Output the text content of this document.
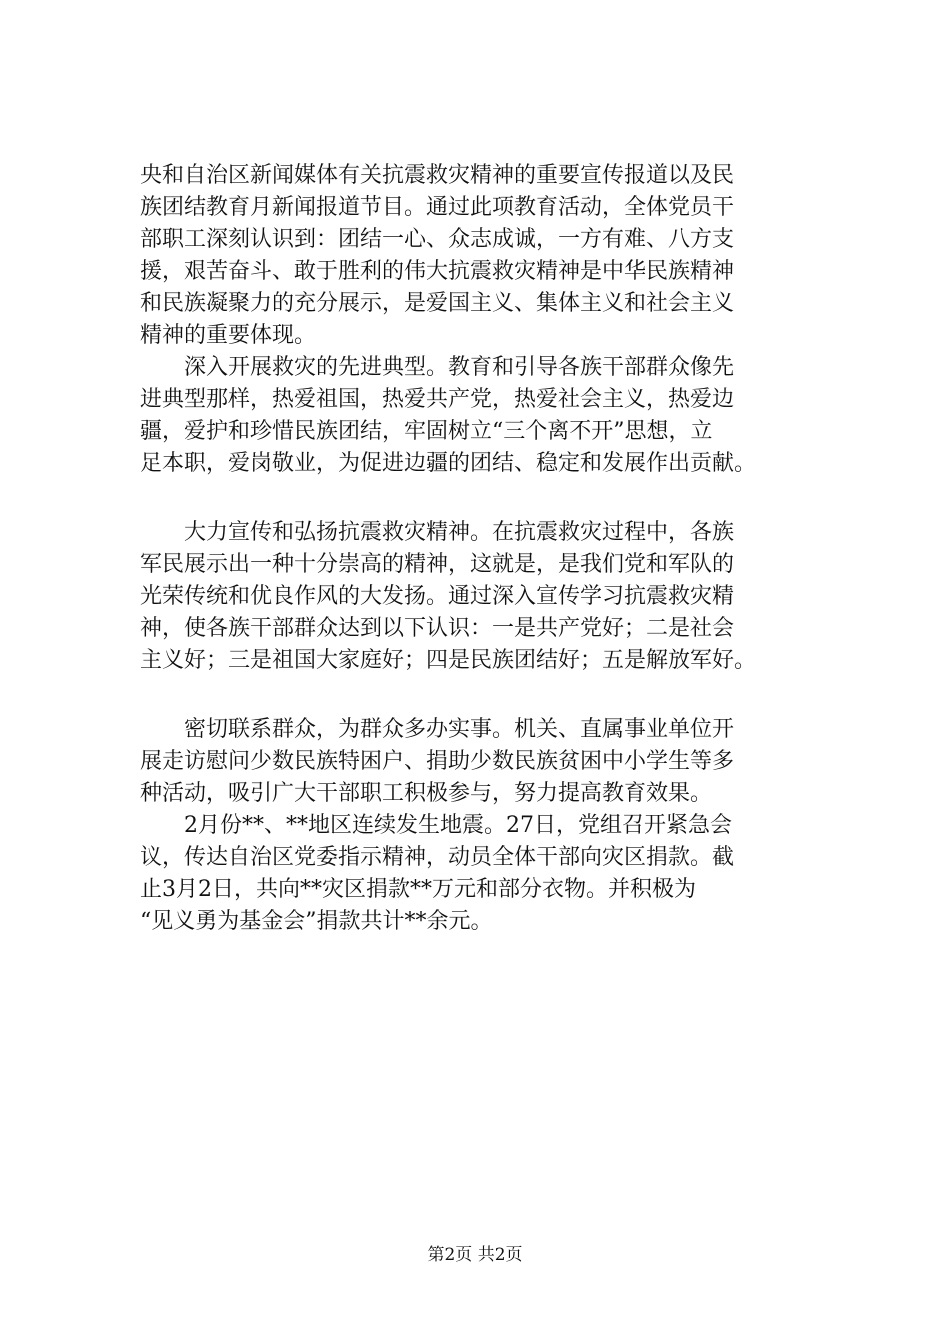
央和自治区新闻媒体有关抗震救灾精神的重要宣传报道以及民
族团结教育月新闻报道节目。通过此项教育活动，全体党员干
部职工深刻认识到：团结一心、众志成诚，一方有难、八方支
援，艰苦奋斗、敢于胜利的伟大抗震救灾精神是中华民族精神
和民族凝聚力的充分展示，是爱国主义、集体主义和社会主义
精神的重要体现。
深入开展救灾的先进典型。教育和引导各族干部群众像先
进典型那样，热爱祖国，热爱共产党，热爱社会主义，热爱边
疆，爱护和珍惜民族团结，牢固树立“三个离不开”思想，立
足本职，爱岗敬业，为促进边疆的团结、稳定和发展作出贡献。
大力宣传和弘扬抗震救灾精神。在抗震救灾过程中，各族
军民展示出一种十分崇高的精神，这就是，是我们党和军队的
光荣传统和优良作风的大发扬。通过深入宣传学习抗震救灾精
神，使各族干部群众达到以下认识：一是共产党好；二是社会
主义好；三是祖国大家庭好；四是民族团结好；五是解放军好。
密切联系群众，为群众多办实事。机关、直属事业单位开
展走访慰问少数民族特困户、捐助少数民族贫困中小学生等多
种活动，吸引广大干部职工积极参与，努力提高教育效果。
2月份**、**地区连续发生地震。27日，党组召开紧急会
议，传达自治区党委指示精神，动员全体干部向灾区捐款。截
止3月2日，共向**灾区捐款**万元和部分衣物。并积极为
“见义勇为基金会”捐款共计**余元。
第2页 共2页
